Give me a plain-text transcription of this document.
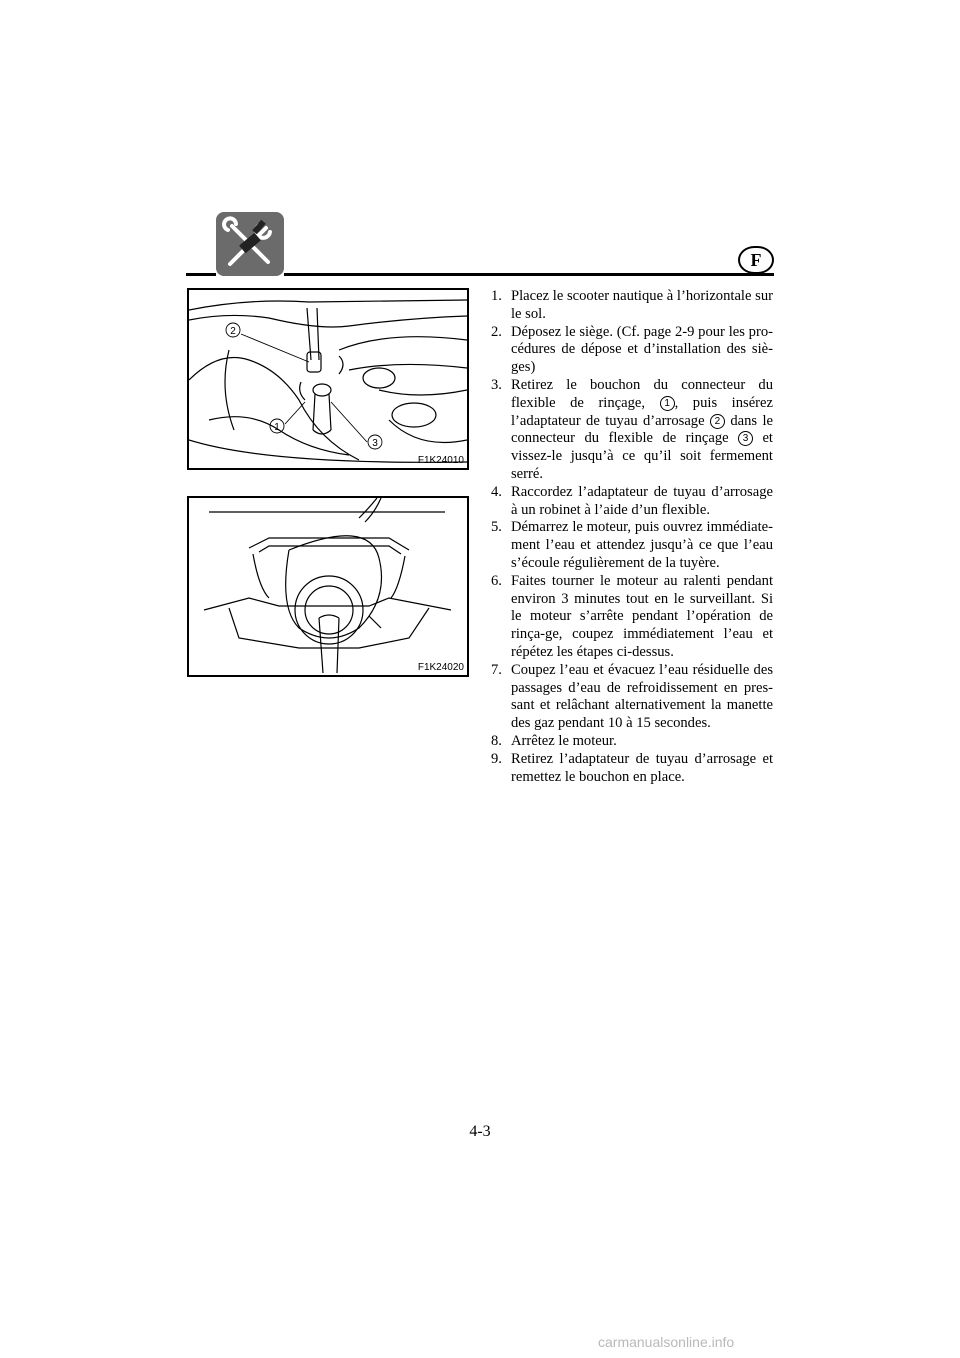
F
1
2
3
F1K24010
F1K24020
1. Placez le scooter nautique à l’horizontale sur le sol.
2. Déposez le siège. (Cf. page 2-9 pour les pro-cédures de dépose et d’installation des siè-ges)
3. Retirez le bouchon du connecteur du flexible de rinçage, 1 , puis insérez l’adaptateur de tuyau d’arrosage 2 dans le connecteur du flexible de rinçage 3 et vissez-le jusqu’à ce qu’il soit fermement serré.
4. Raccordez l’adaptateur de tuyau d’arrosage à un robinet à l’aide d’un flexible.
5. Démarrez le moteur, puis ouvrez immédiate-ment l’eau et attendez jusqu’à ce que l’eau s’écoule régulièrement de la tuyère.
6. Faites tourner le moteur au ralenti pendant environ 3 minutes tout en le surveillant. Si le moteur s’arrête pendant l’opération de rinça-ge, coupez immédiatement l’eau et répétez les étapes ci-dessus.
7. Coupez l’eau et évacuez l’eau résiduelle des passages d’eau de refroidissement en pres-sant et relâchant alternativement la manette des gaz pendant 10 à 15 secondes.
8. Arrêtez le moteur.
9. Retirez l’adaptateur de tuyau d’arrosage et remettez le bouchon en place.
4-3
carmanualsonline.info
